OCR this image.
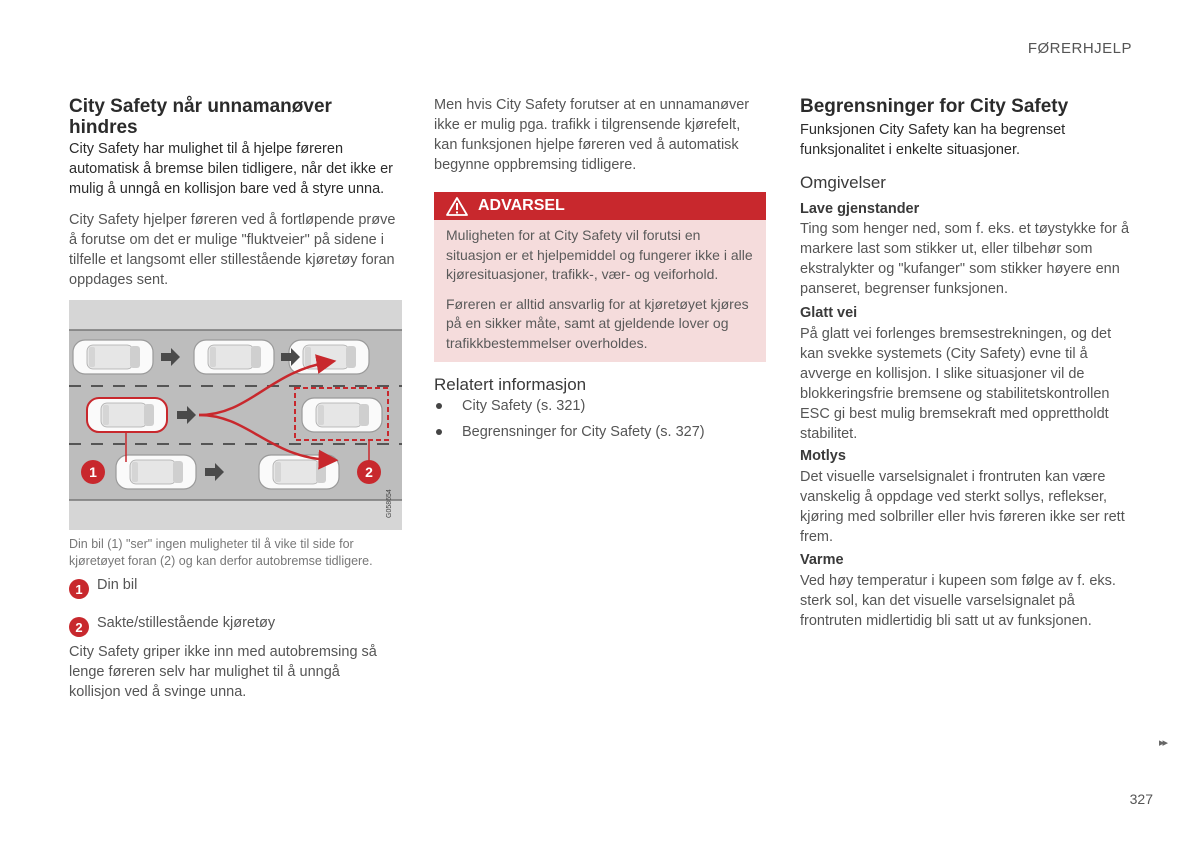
FØRERHJELP
City Safety når unnamanøver hindres
City Safety har mulighet til å hjelpe føreren automatisk å bremse bilen tidligere, når det ikke er mulig å unngå en kollisjon bare ved å styre unna.
City Safety hjelper føreren ved å fortløpende prøve å forutse om det er mulige "fluktveier" på sidene i tilfelle et langsomt eller stillestående kjøretøy foran oppdages sent.
1	2
G058654
Din bil (1) "ser" ingen muligheter til å vike til side for kjøretøyet foran (2) og kan derfor autobremse tidligere.
1 Din bil
2 Sakte/stillestående kjøretøy
City Safety griper ikke inn med autobremsing så lenge føreren selv har mulighet til å unngå kollisjon ved å svinge unna.
Men hvis City Safety forutser at en unnamanøver ikke er mulig pga. trafikk i tilgrensende kjørefelt, kan funksjonen hjelpe føreren ved å automatisk begynne oppbremsing tidligere.
ADVARSEL

Muligheten for at City Safety vil forutsi en situasjon er et hjelpemiddel og fungerer ikke i alle kjøresituasjoner, trafikk-, vær- og veiforhold.

Føreren er alltid ansvarlig for at kjøretøyet kjøres på en sikker måte, samt at gjeldende lover og trafikkbestemmelser overholdes.

Relatert informasjon
City Safety (s. 321)
Begrensninger for City Safety (s. 327)
Begrensninger for City Safety
Funksjonen City Safety kan ha begrenset funksjonalitet i enkelte situasjoner.
Omgivelser
Lave gjenstander
Ting som henger ned, som f. eks. et tøystykke for å markere last som stikker ut, eller tilbehør som ekstralykter og "kufanger" som stikker høyere enn panseret, begrenser funksjonen.
Glatt vei
På glatt vei forlenges bremsestrekningen, og det kan svekke systemets (City Safety) evne til å avverge en kollisjon. I slike situasjoner vil de blokkeringsfrie bremsene og stabilitetskontrollen ESC gi best mulig bremsekraft med opprettholdt stabilitet.
Motlys
Det visuelle varselsignalet i frontruten kan være vanskelig å oppdage ved sterkt sollys, reflekser, kjøring med solbriller eller hvis føreren ikke ser rett frem.
Varme
Ved høy temperatur i kupeen som følge av f. eks. sterk sol, kan det visuelle varselsignalet på frontruten midlertidig bli satt ut av funksjonen.
▸▸
327
